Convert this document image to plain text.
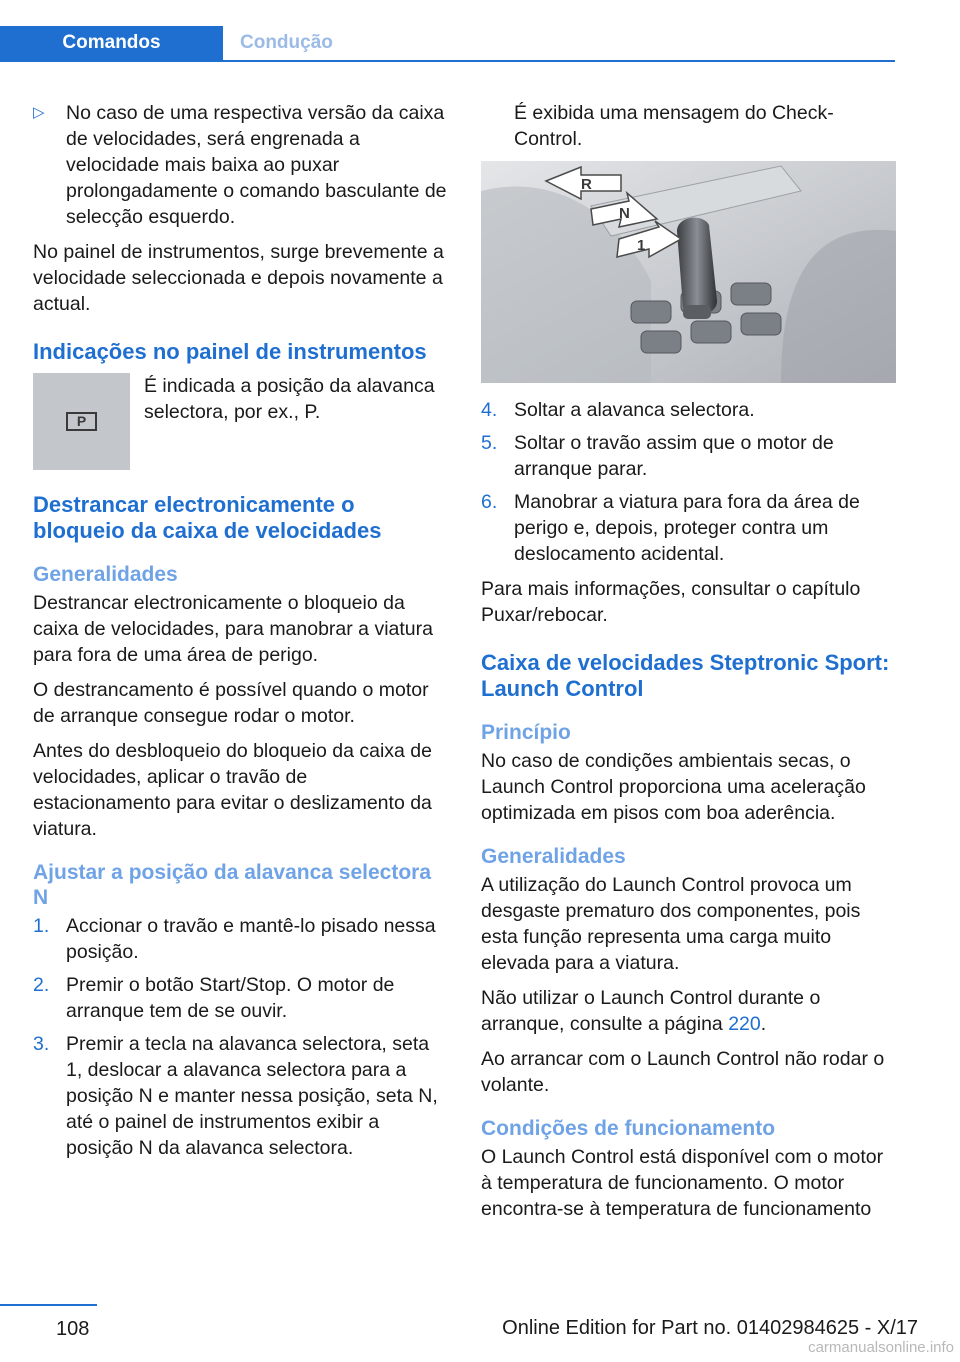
Comandos	Condução
▷ No caso de uma respectiva versão da caixa de velocidades, será engrenada a velocidade mais baixa ao puxar prolongadamente o comando basculante de selecção esquerdo.

No painel de instrumentos, surge brevemente a velocidade seleccionada e depois novamente a actual.

Indicações no painel de instrumentos
P

É indicada a posição da alavanca selectora, por ex., P.

Destrancar electronicamente o bloqueio da caixa de velocidades
Generalidades

Destrancar electronicamente o bloqueio da caixa de velocidades, para manobrar a viatura para fora de uma área de perigo.

O destrancamento é possível quando o motor de arranque consegue rodar o motor.

Antes do desbloqueio do bloqueio da caixa de velocidades, aplicar o travão de estacionamento para evitar o deslizamento da viatura.

Ajustar a posição da alavanca selectora N
1. Accionar o travão e mantê-lo pisado nessa posição.
2. Premir o botão Start/Stop. O motor de arranque tem de se ouvir.
3. Premir a tecla na alavanca selectora, seta 1, deslocar a alavanca selectora para a posição N e manter nessa posição, seta N, até o painel de instrumentos exibir a posição N da alavanca selectora.

É exibida uma mensagem do Check-Control.

R
N
1
4. Soltar a alavanca selectora.
5. Soltar o travão assim que o motor de arranque parar.
6. Manobrar a viatura para fora da área de perigo e, depois, proteger contra um deslocamento acidental.

Para mais informações, consultar o capítulo Puxar/rebocar.

Caixa de velocidades Steptronic Sport: Launch Control
Princípio

No caso de condições ambientais secas, o Launch Control proporciona uma aceleração optimizada em pisos com boa aderência.

Generalidades

A utilização do Launch Control provoca um desgaste prematuro dos componentes, pois esta função representa uma carga muito elevada para a viatura.

Não utilizar o Launch Control durante o arranque, consulte a página 220.

Ao arrancar com o Launch Control não rodar o volante.

Condições de funcionamento

O Launch Control está disponível com o motor à temperatura de funcionamento. O motor encontra-se à temperatura de funcionamento

108	Online Edition for Part no. 01402984625 - X/17
carmanualsonline.info
